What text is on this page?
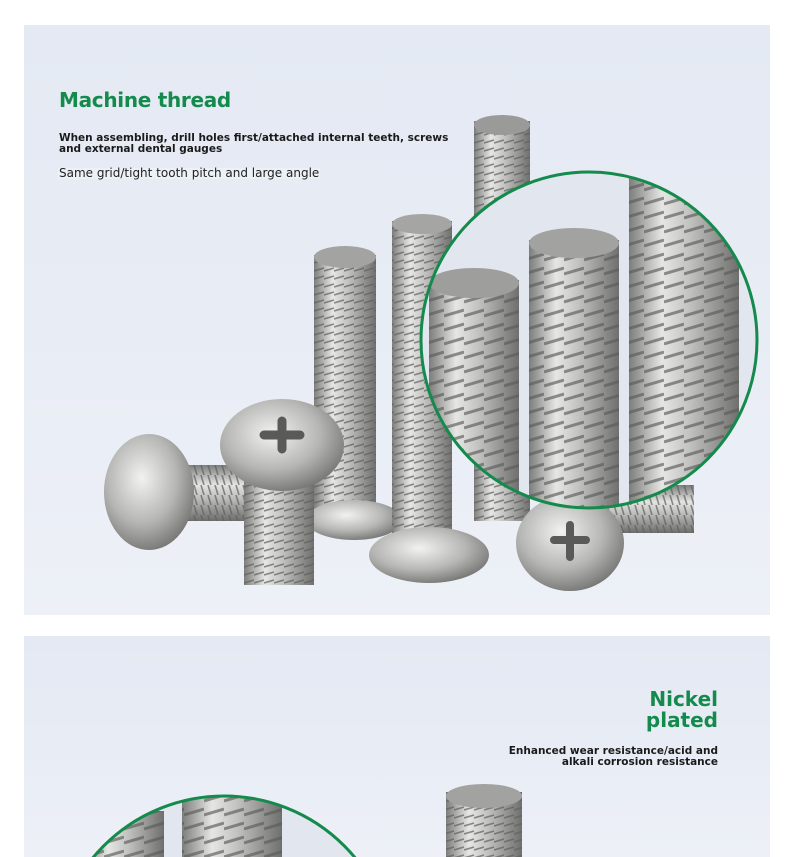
Machine thread
When assembling, drill holes first/attached internal teeth, screws and external dental gauges
Same grid/tight tooth pitch and large angle
Nickel
plated
Enhanced wear resistance/acid and alkali corrosion resistance
